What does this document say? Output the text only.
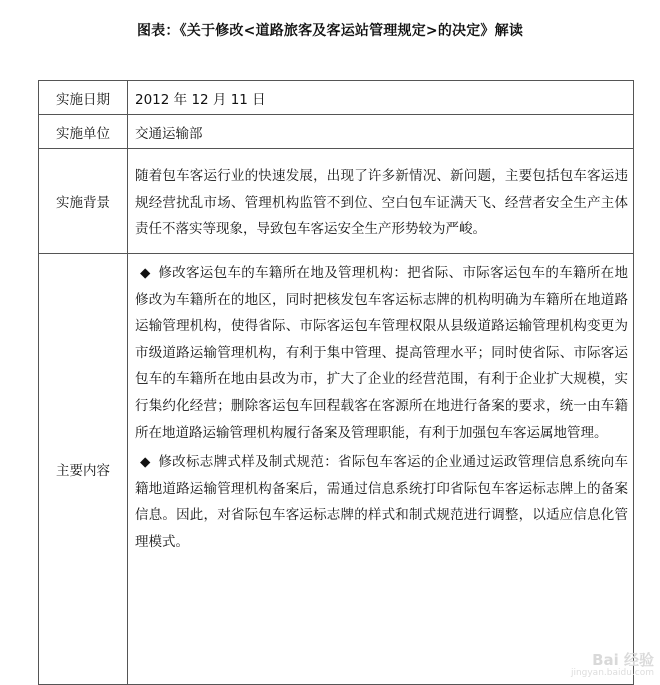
图表：《关于修改<道路旅客及客运站管理规定>的决定》解读
实施日期	2012 年 12 月 11 日
实施单位	交通运输部
实施背景	随着包车客运行业的快速发展，出现了许多新情况、新问题，主要包括包车客运违规经营扰乱市场、管理机构监管不到位、空白包车证满天飞、经营者安全生产主体责任不落实等现象，导致包车客运安全生产形势较为严峻。

主要内容	◆ 修改客运包车的车籍所在地及管理机构：把省际、市际客运包车的车籍所在地修改为车籍所在的地区，同时把核发包车客运标志牌的机构明确为车籍所在地道路运输管理机构，使得省际、市际客运包车管理权限从县级道路运输管理机构变更为市级道路运输管理机构，有利于集中管理、提高管理水平；同时使省际、市际客运包车的车籍所在地由县改为市，扩大了企业的经营范围，有利于企业扩大规模，实行集约化经营；删除客运包车回程载客在客源所在地进行备案的要求，统一由车籍所在地道路运输管理机构履行备案及管理职能，有利于加强包车客运属地管理。

◆ 修改标志牌式样及制式规范：省际包车客运的企业通过运政管理信息系统向车籍地道路运输管理机构备案后，需通过信息系统打印省际包车客运标志牌上的备案信息。因此，对省际包车客运标志牌的样式和制式规范进行调整，以适应信息化管理模式。

Bai 经验
jingyan.baidu.com
